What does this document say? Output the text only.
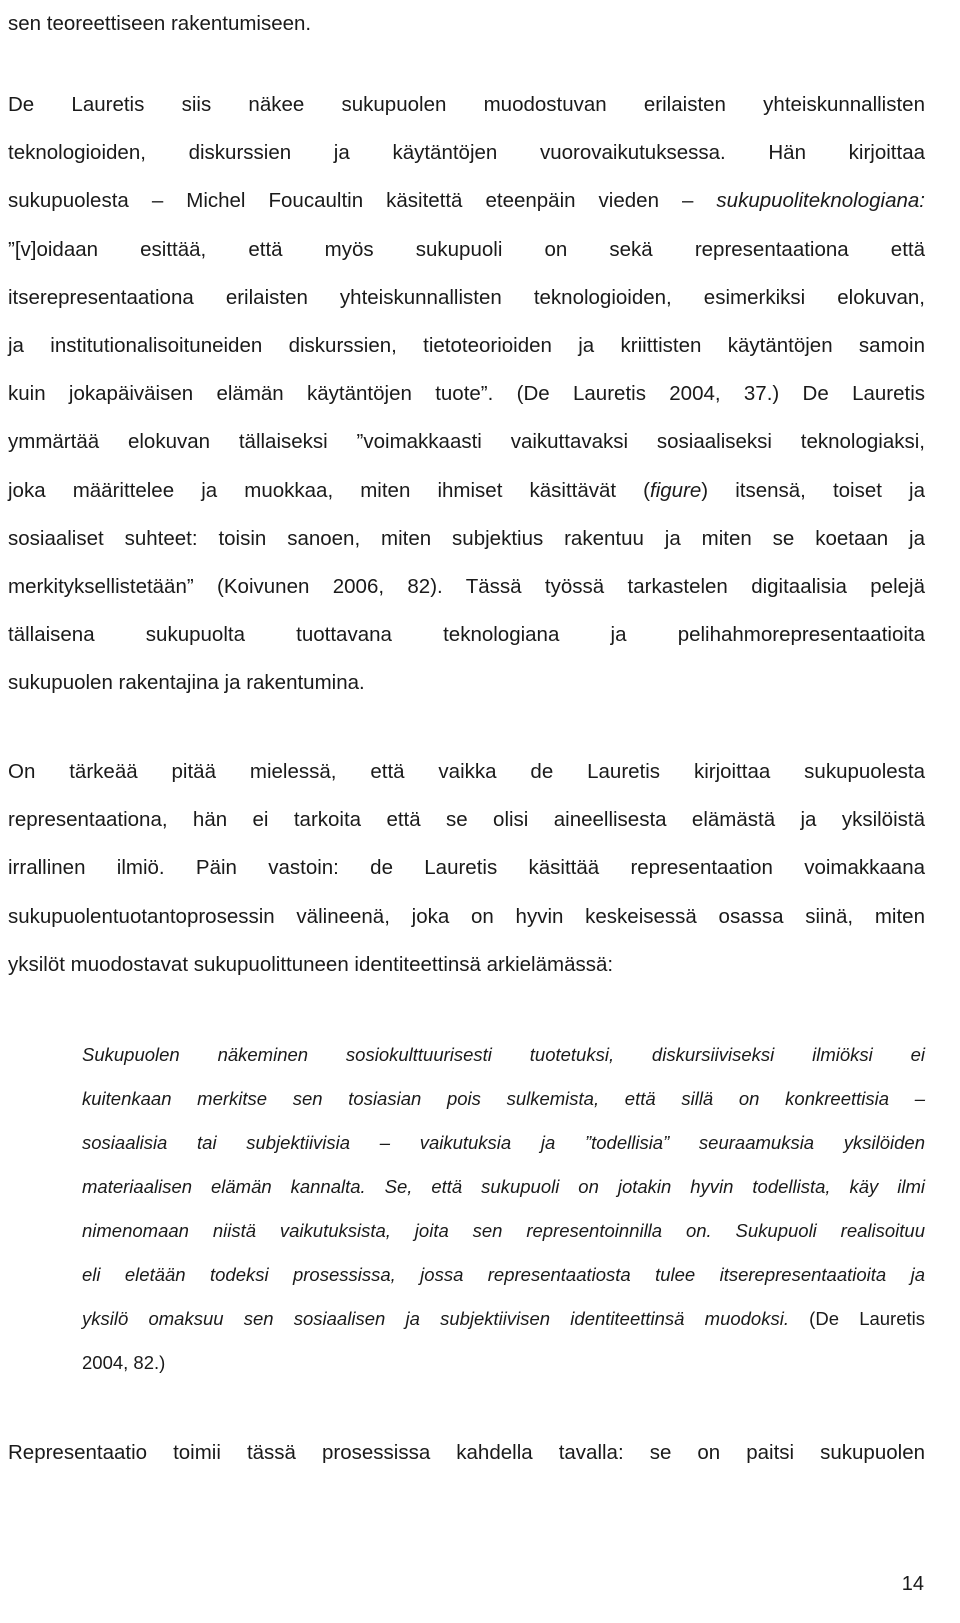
sen teoreettiseen rakentumiseen.

De Lauretis siis näkee sukupuolen muodostuvan erilaisten yhteiskunnallisten
teknologioiden, diskurssien ja käytäntöjen vuorovaikutuksessa. Hän kirjoittaa
sukupuolesta – Michel Foucaultin käsitettä eteenpäin vieden – sukupuoliteknologiana:
”[v]oidaan esittää, että myös sukupuoli on sekä representaationa että
itserepresentaationa erilaisten yhteiskunnallisten teknologioiden, esimerkiksi elokuvan,
ja institutionalisoituneiden diskurssien, tietoteorioiden ja kriittisten käytäntöjen samoin
kuin jokapäiväisen elämän käytäntöjen tuote”. (De Lauretis 2004, 37.) De Lauretis
ymmärtää elokuvan tällaiseksi ”voimakkaasti vaikuttavaksi sosiaaliseksi teknologiaksi,
joka määrittelee ja muokkaa, miten ihmiset käsittävät (figure) itsensä, toiset ja
sosiaaliset suhteet: toisin sanoen, miten subjektius rakentuu ja miten se koetaan ja
merkityksellistetään” (Koivunen 2006, 82). Tässä työssä tarkastelen digitaalisia pelejä
tällaisena sukupuolta tuottavana teknologiana ja pelihahmorepresentaatioita
sukupuolen rakentajina ja rakentumina.

On tärkeää pitää mielessä, että vaikka de Lauretis kirjoittaa sukupuolesta
representaationa, hän ei tarkoita että se olisi aineellisesta elämästä ja yksilöistä
irrallinen ilmiö. Päin vastoin: de Lauretis käsittää representaation voimakkaana
sukupuolentuotantoprosessin välineenä, joka on hyvin keskeisessä osassa siinä, miten
yksilöt muodostavat sukupuolittuneen identiteettinsä arkielämässä:

Sukupuolen näkeminen sosiokulttuurisesti tuotetuksi, diskursiiviseksi ilmiöksi ei
kuitenkaan merkitse sen tosiasian pois sulkemista, että sillä on konkreettisia –
sosiaalisia tai subjektiivisia – vaikutuksia ja ”todellisia” seuraamuksia yksilöiden
materiaalisen elämän kannalta. Se, että sukupuoli on jotakin hyvin todellista, käy ilmi
nimenomaan niistä vaikutuksista, joita sen representoinnilla on. Sukupuoli realisoituu
eli eletään todeksi prosessissa, jossa representaatiosta tulee itserepresentaatioita ja
yksilö omaksuu sen sosiaalisen ja subjektiivisen identiteettinsä muodoksi. (De Lauretis
2004, 82.)

Representaatio toimii tässä prosessissa kahdella tavalla: se on paitsi sukupuolen

14
